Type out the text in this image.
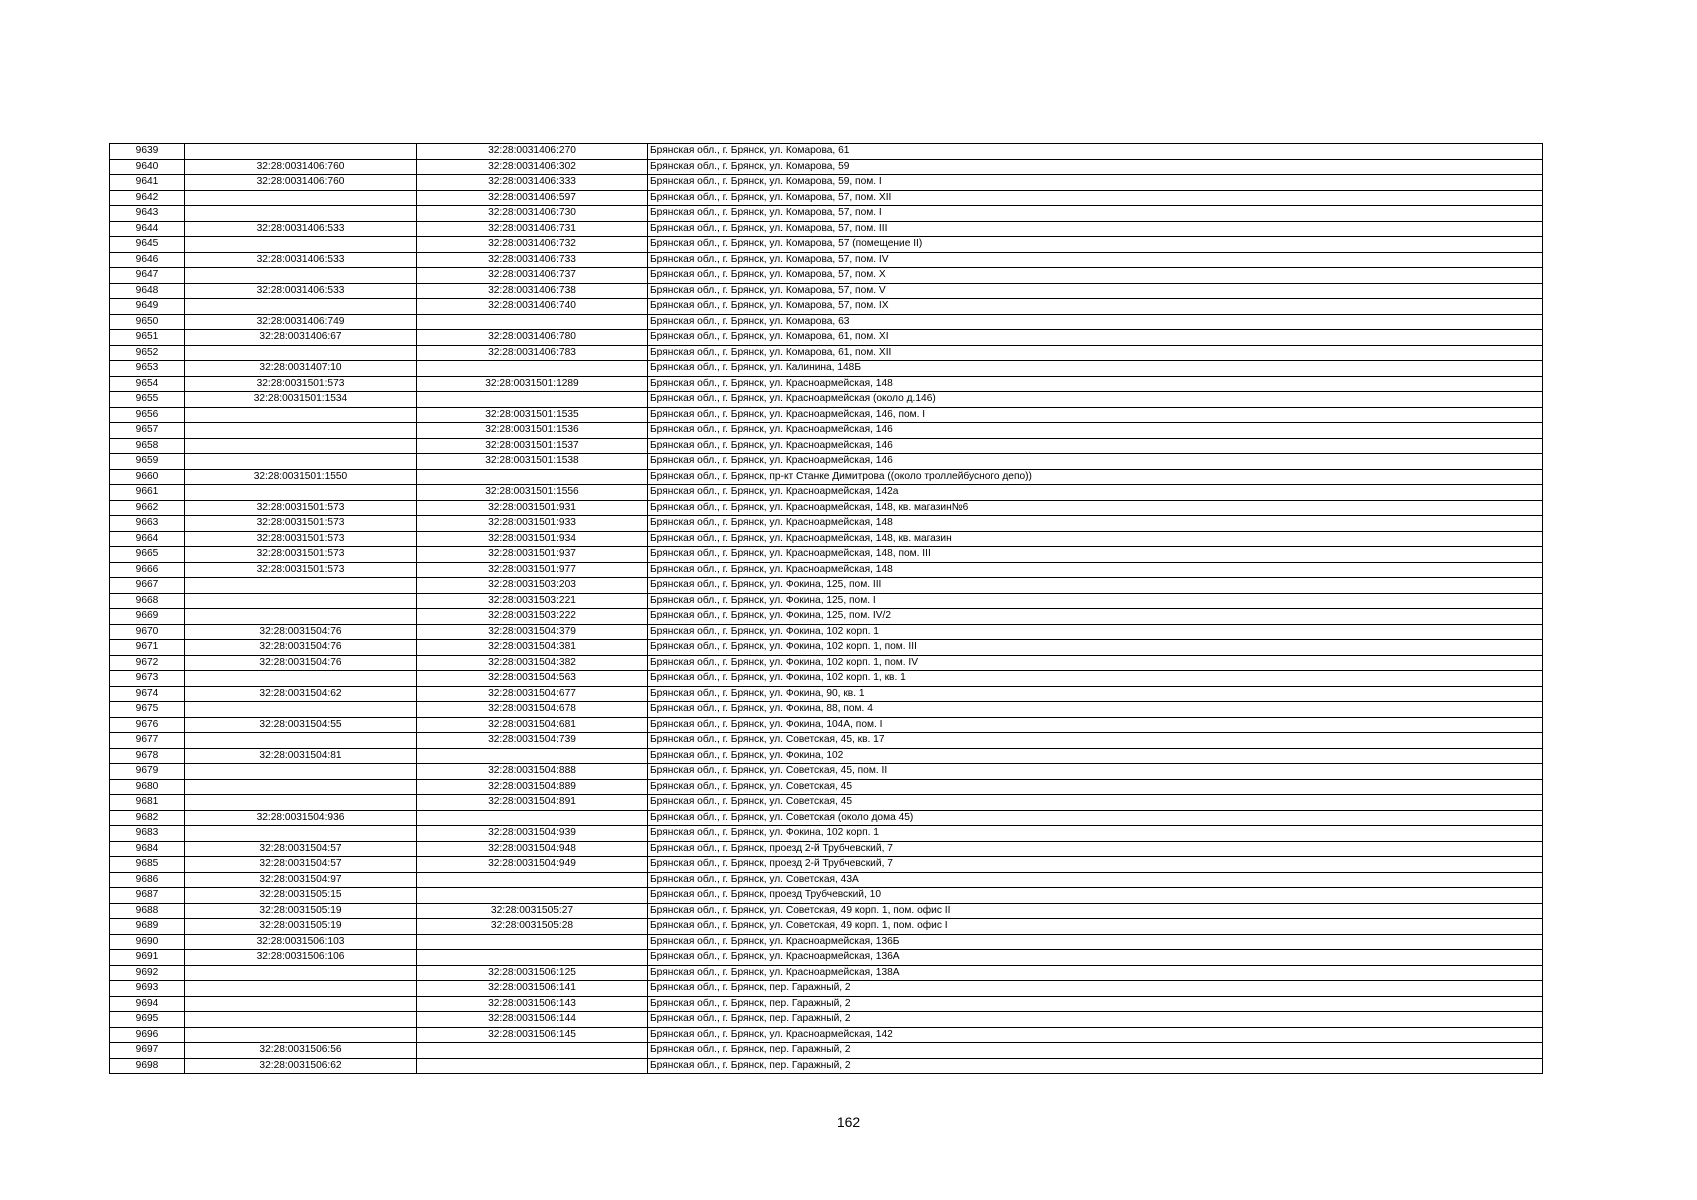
9639		32:28:0031406:270	Брянская обл., г. Брянск, ул. Комарова, 61
9640	32:28:0031406:760	32:28:0031406:302	Брянская обл., г. Брянск, ул. Комарова, 59
9641	32:28:0031406:760	32:28:0031406:333	Брянская обл., г. Брянск, ул. Комарова, 59, пом. I
9642		32:28:0031406:597	Брянская обл., г. Брянск, ул. Комарова, 57, пом. XII
9643		32:28:0031406:730	Брянская обл., г. Брянск, ул. Комарова, 57, пом. I
9644	32:28:0031406:533	32:28:0031406:731	Брянская обл., г. Брянск, ул. Комарова, 57, пом. III
9645		32:28:0031406:732	Брянская обл., г. Брянск, ул. Комарова, 57 (помещение II)
9646	32:28:0031406:533	32:28:0031406:733	Брянская обл., г. Брянск, ул. Комарова, 57, пом. IV
9647		32:28:0031406:737	Брянская обл., г. Брянск, ул. Комарова, 57, пом. X
9648	32:28:0031406:533	32:28:0031406:738	Брянская обл., г. Брянск, ул. Комарова, 57, пом. V
9649		32:28:0031406:740	Брянская обл., г. Брянск, ул. Комарова, 57, пом. IX
9650	32:28:0031406:749		Брянская обл., г. Брянск, ул. Комарова, 63
9651	32:28:0031406:67	32:28:0031406:780	Брянская обл., г. Брянск, ул. Комарова, 61, пом. XI
9652		32:28:0031406:783	Брянская обл., г. Брянск, ул. Комарова, 61, пом. XII
9653	32:28:0031407:10		Брянская обл., г. Брянск, ул. Калинина, 148Б
9654	32:28:0031501:573	32:28:0031501:1289	Брянская обл., г. Брянск, ул. Красноармейская, 148
9655	32:28:0031501:1534		Брянская обл., г. Брянск, ул. Красноармейская (около д.146)
9656		32:28:0031501:1535	Брянская обл., г. Брянск, ул. Красноармейская, 146, пом. I
9657		32:28:0031501:1536	Брянская обл., г. Брянск, ул. Красноармейская, 146
9658		32:28:0031501:1537	Брянская обл., г. Брянск, ул. Красноармейская, 146
9659		32:28:0031501:1538	Брянская обл., г. Брянск, ул. Красноармейская, 146
9660	32:28:0031501:1550		Брянская обл., г. Брянск, пр-кт Станке Димитрова ((около троллейбусного депо))
9661		32:28:0031501:1556	Брянская обл., г. Брянск, ул. Красноармейская, 142а
9662	32:28:0031501:573	32:28:0031501:931	Брянская обл., г. Брянск, ул. Красноармейская, 148, кв. магазин№6
9663	32:28:0031501:573	32:28:0031501:933	Брянская обл., г. Брянск, ул. Красноармейская, 148
9664	32:28:0031501:573	32:28:0031501:934	Брянская обл., г. Брянск, ул. Красноармейская, 148, кв. магазин
9665	32:28:0031501:573	32:28:0031501:937	Брянская обл., г. Брянск, ул. Красноармейская, 148, пом. III
9666	32:28:0031501:573	32:28:0031501:977	Брянская обл., г. Брянск, ул. Красноармейская, 148
9667		32:28:0031503:203	Брянская обл., г. Брянск, ул. Фокина, 125, пом. III
9668		32:28:0031503:221	Брянская обл., г. Брянск, ул. Фокина, 125, пом. I
9669		32:28:0031503:222	Брянская обл., г. Брянск, ул. Фокина, 125, пом. IV/2
9670	32:28:0031504:76	32:28:0031504:379	Брянская обл., г. Брянск, ул. Фокина, 102 корп. 1
9671	32:28:0031504:76	32:28:0031504:381	Брянская обл., г. Брянск, ул. Фокина, 102 корп. 1, пом. III
9672	32:28:0031504:76	32:28:0031504:382	Брянская обл., г. Брянск, ул. Фокина, 102 корп. 1, пом. IV
9673		32:28:0031504:563	Брянская обл., г. Брянск, ул. Фокина, 102 корп. 1, кв. 1
9674	32:28:0031504:62	32:28:0031504:677	Брянская обл., г. Брянск, ул. Фокина, 90, кв. 1
9675		32:28:0031504:678	Брянская обл., г. Брянск, ул. Фокина, 88, пом. 4
9676	32:28:0031504:55	32:28:0031504:681	Брянская обл., г. Брянск, ул. Фокина, 104А, пом. I
9677		32:28:0031504:739	Брянская обл., г. Брянск, ул. Советская, 45, кв. 17
9678	32:28:0031504:81		Брянская обл., г. Брянск, ул. Фокина, 102
9679		32:28:0031504:888	Брянская обл., г. Брянск, ул. Советская, 45, пом. II
9680		32:28:0031504:889	Брянская обл., г. Брянск, ул. Советская, 45
9681		32:28:0031504:891	Брянская обл., г. Брянск, ул. Советская, 45
9682	32:28:0031504:936		Брянская обл., г. Брянск, ул. Советская (около дома 45)
9683		32:28:0031504:939	Брянская обл., г. Брянск, ул. Фокина, 102 корп. 1
9684	32:28:0031504:57	32:28:0031504:948	Брянская обл., г. Брянск, проезд 2-й Трубчевский, 7
9685	32:28:0031504:57	32:28:0031504:949	Брянская обл., г. Брянск, проезд 2-й Трубчевский, 7
9686	32:28:0031504:97		Брянская обл., г. Брянск, ул. Советская, 43А
9687	32:28:0031505:15		Брянская обл., г. Брянск, проезд Трубчевский, 10
9688	32:28:0031505:19	32:28:0031505:27	Брянская обл., г. Брянск, ул. Советская, 49 корп. 1, пом. офис II
9689	32:28:0031505:19	32:28:0031505:28	Брянская обл., г. Брянск, ул. Советская, 49 корп. 1, пом. офис I
9690	32:28:0031506:103		Брянская обл., г. Брянск, ул. Красноармейская, 136Б
9691	32:28:0031506:106		Брянская обл., г. Брянск, ул. Красноармейская, 136А
9692		32:28:0031506:125	Брянская обл., г. Брянск, ул. Красноармейская, 138А
9693		32:28:0031506:141	Брянская обл., г. Брянск, пер. Гаражный, 2
9694		32:28:0031506:143	Брянская обл., г. Брянск, пер. Гаражный, 2
9695		32:28:0031506:144	Брянская обл., г. Брянск, пер. Гаражный, 2
9696		32:28:0031506:145	Брянская обл., г. Брянск, ул. Красноармейская, 142
9697	32:28:0031506:56		Брянская обл., г. Брянск, пер. Гаражный, 2
9698	32:28:0031506:62		Брянская обл., г. Брянск, пер. Гаражный, 2
162
